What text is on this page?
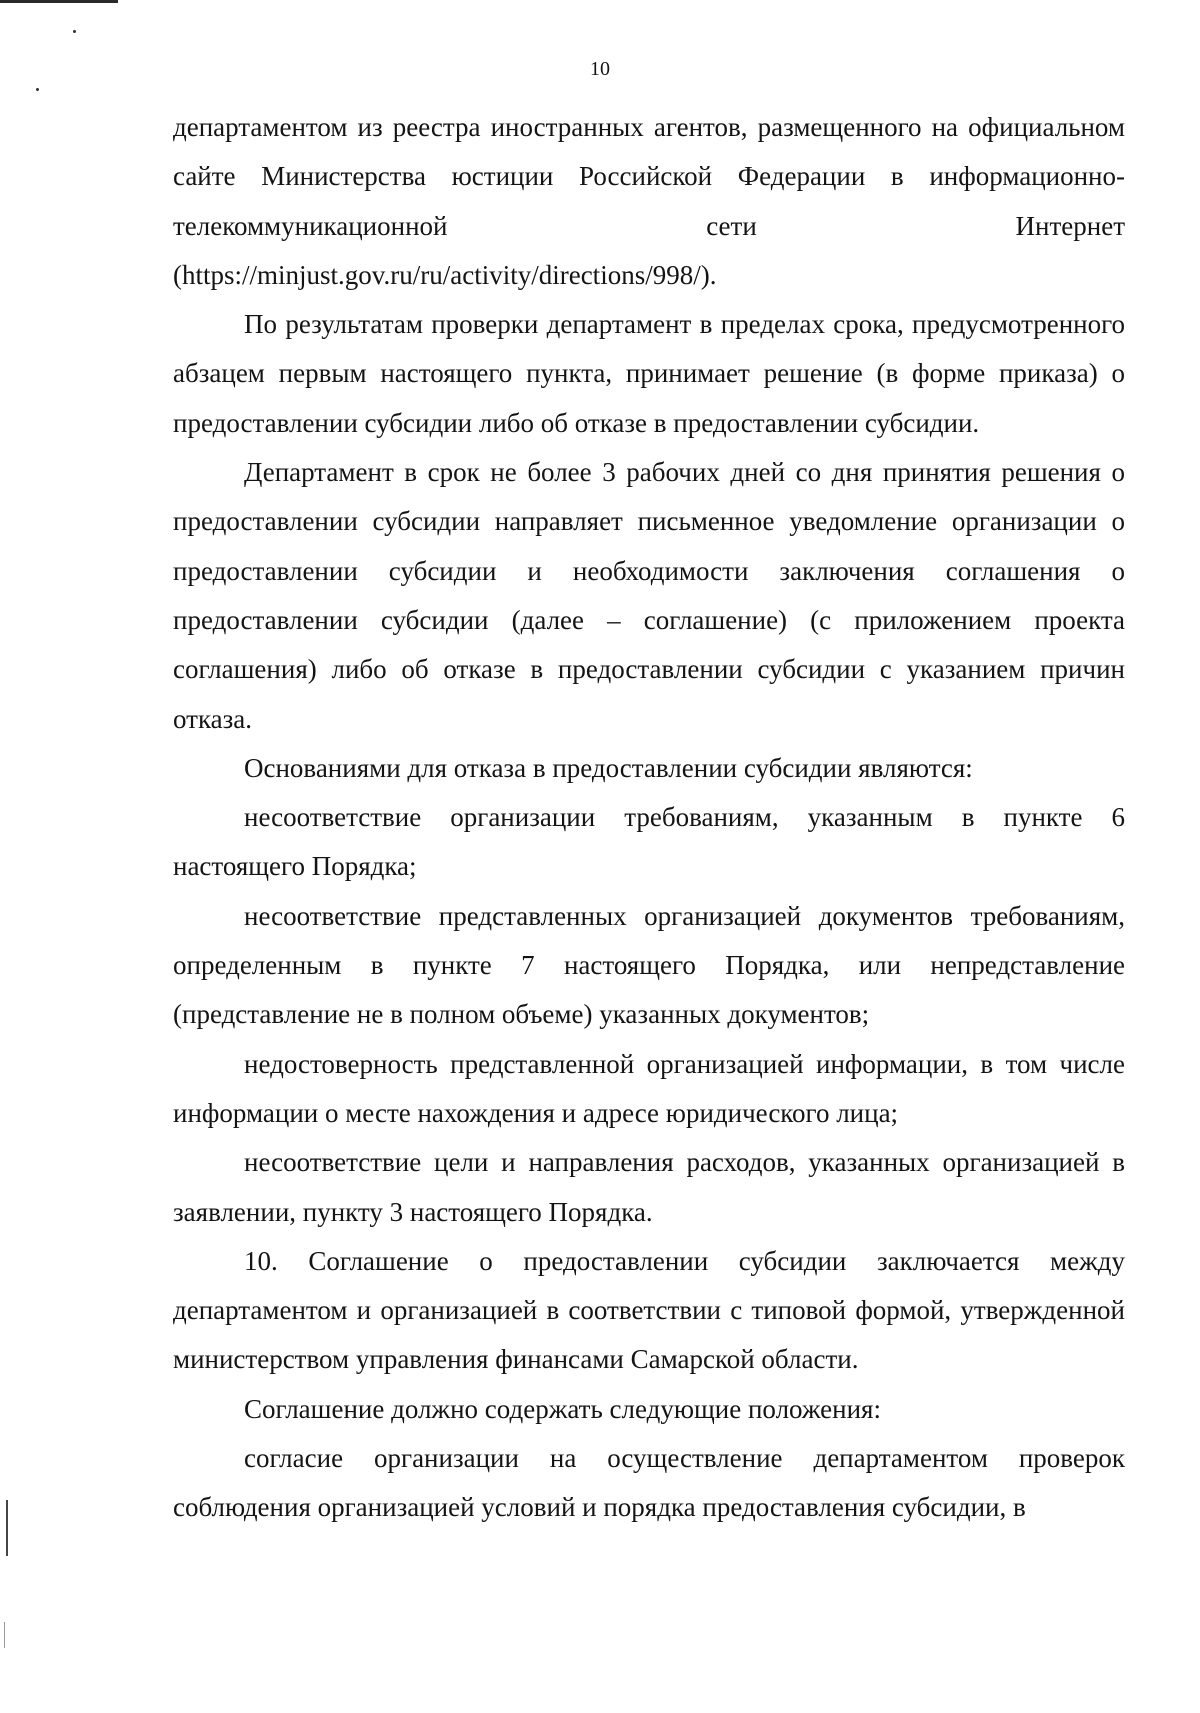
10

департаментом из реестра иностранных агентов, размещенного на официальном сайте Министерства юстиции Российской Федерации в информационно-телекоммуникационной сети Интернет (https://minjust.gov.ru/ru/activity/directions/998/).

По результатам проверки департамент в пределах срока, предусмотренного абзацем первым настоящего пункта, принимает решение (в форме приказа) о предоставлении субсидии либо об отказе в предоставлении субсидии.

Департамент в срок не более 3 рабочих дней со дня принятия решения о предоставлении субсидии направляет письменное уведомление организации о предоставлении субсидии и необходимости заключения соглашения о предоставлении субсидии (далее – соглашение) (с приложением проекта соглашения) либо об отказе в предоставлении субсидии с указанием причин отказа.

Основаниями для отказа в предоставлении субсидии являются:

несоответствие организации требованиям, указанным в пункте 6 настоящего Порядка;

несоответствие представленных организацией документов требованиям, определенным в пункте 7 настоящего Порядка, или непредставление (представление не в полном объеме) указанных документов;

недостоверность представленной организацией информации, в том числе информации о месте нахождения и адресе юридического лица;

несоответствие цели и направления расходов, указанных организацией в заявлении, пункту 3 настоящего Порядка.

10. Соглашение о предоставлении субсидии заключается между департаментом и организацией в соответствии с типовой формой, утвержденной министерством управления финансами Самарской области.

Соглашение должно содержать следующие положения:

согласие организации на осуществление департаментом проверок соблюдения организацией условий и порядка предоставления субсидии, в
